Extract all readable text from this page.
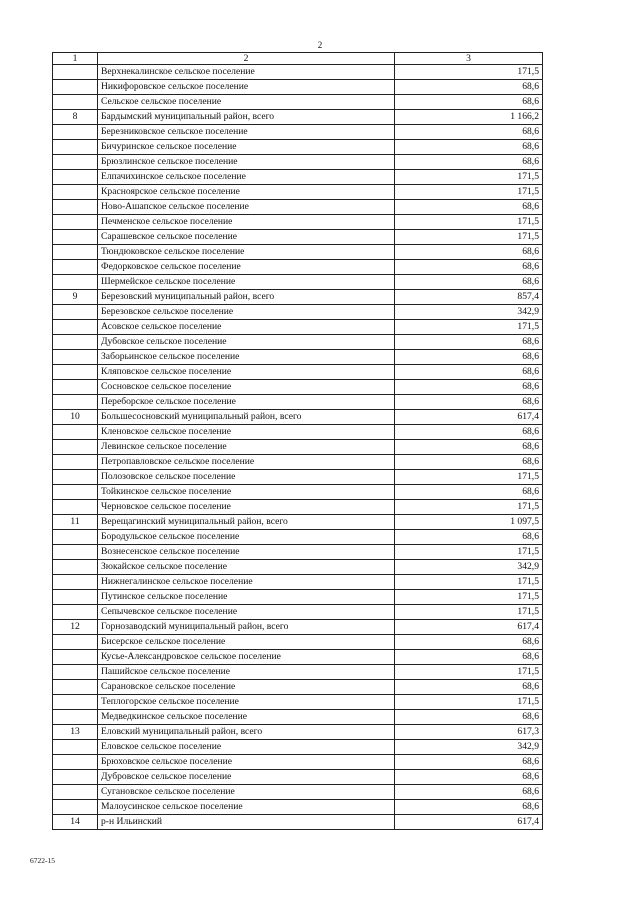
2
1	2	3
	Верхнекалинское сельское поселение	171,5
	Никифоровское сельское поселение	68,6
	Сельское сельское поселение	68,6
8	Бардымский муниципальный район, всего	1 166,2
	Березниковское сельское поселение	68,6
	Бичуринское сельское поселение	68,6
	Брюзлинское сельское поселение	68,6
	Елпачихинское сельское поселение	171,5
	Красноярское сельское поселение	171,5
	Ново-Ашапское сельское поселение	68,6
	Печменское сельское поселение	171,5
	Сарашевское сельское поселение	171,5
	Тюндюковское сельское поселение	68,6
	Федорковское сельское поселение	68,6
	Шермейское сельское поселение	68,6
9	Березовский муниципальный район, всего	857,4
	Березовское сельское поселение	342,9
	Асовское сельское поселение	171,5
	Дубовское сельское поселение	68,6
	Заборьинское сельское поселение	68,6
	Кляповское сельское поселение	68,6
	Сосновское сельское поселение	68,6
	Переборское сельское поселение	68,6
10	Большесосновский муниципальный район, всего	617,4
	Кленовское сельское поселение	68,6
	Левинское сельское поселение	68,6
	Петропавловское сельское поселение	68,6
	Полозовское сельское поселение	171,5
	Тойкинское сельское поселение	68,6
	Черновское сельское поселение	171,5
11	Верещагинский муниципальный район, всего	1 097,5
	Бородульское сельское поселение	68,6
	Вознесенское сельское поселение	171,5
	Зюкайское сельское поселение	342,9
	Нижнегалинское сельское поселение	171,5
	Путинское сельское поселение	171,5
	Сепычевское сельское поселение	171,5
12	Горнозаводский муниципальный район, всего	617,4
	Бисерское сельское поселение	68,6
	Кусье-Александровское сельское поселение	68,6
	Пашийское сельское поселение	171,5
	Сарановское сельское поселение	68,6
	Теплогорское сельское поселение	171,5
	Медведкинское сельское поселение	68,6
13	Еловский муниципальный район, всего	617,3
	Еловское сельское поселение	342,9
	Брюховское сельское поселение	68,6
	Дубровское сельское поселение	68,6
	Сугановское сельское поселение	68,6
	Малоусинское сельское поселение	68,6
14	р-н Ильинский	617,4
6722-15
